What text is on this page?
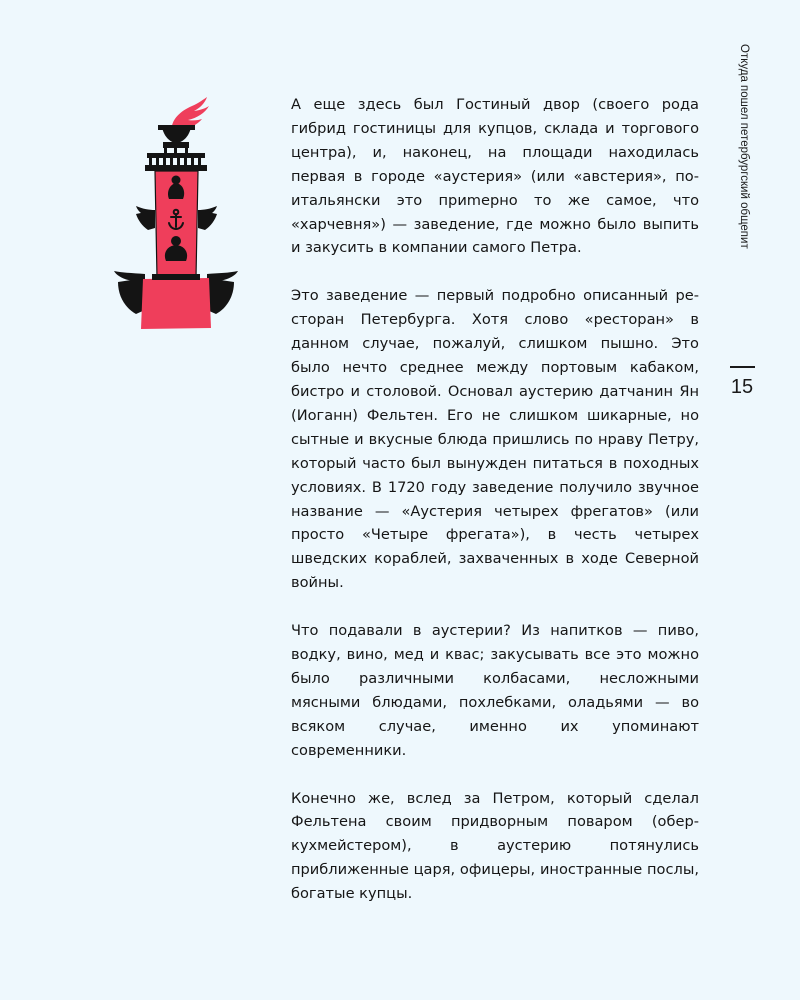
А еще здесь был Гостиный двор (своего рода гибрид гостиницы для купцов, склада и торгового центра), и, наконец, на площади находилась первая в городе «аустерия» (или «австерия», по-итальянски это приmерно то же самое, что «харчевня») — заведение, где можно было выпить и закусить в компании самого Петра.

Это заведение — первый подробно описанный ресторан Петербурга. Хотя слово «ресторан» в данном случае, пожалуй, слишком пышно. Это было нечто среднее между портовым кабаком, бистро и столовой. Основал аустерию датчанин Ян (Иоганн) Фельтен. Его не слишком шикарные, но сытные и вкусные блюда пришлись по нраву Петру, который часто был вынужден питаться в походных условиях. В 1720 году заведение получило звучное название — «Аустерия четырех фрегатов» (или просто «Четыре фрегата»), в честь четырех шведских кораблей, захваченных в ходе Северной войны.

Что подавали в аустерии? Из напитков — пиво, водку, вино, мед и квас; закусывать все это можно было различными колбасами, несложными мясными блюдами, похлебками, оладьями — во всяком случае, именно их упоминают современники.

Конечно же, вслед за Петром, который сделал Фельтена своим придворным поваром (обер-кухмейстером), в аустерию потянулись приближенные царя, офицеры, иностранные послы, богатые купцы.

Откуда пошел петербургский общепит
15
